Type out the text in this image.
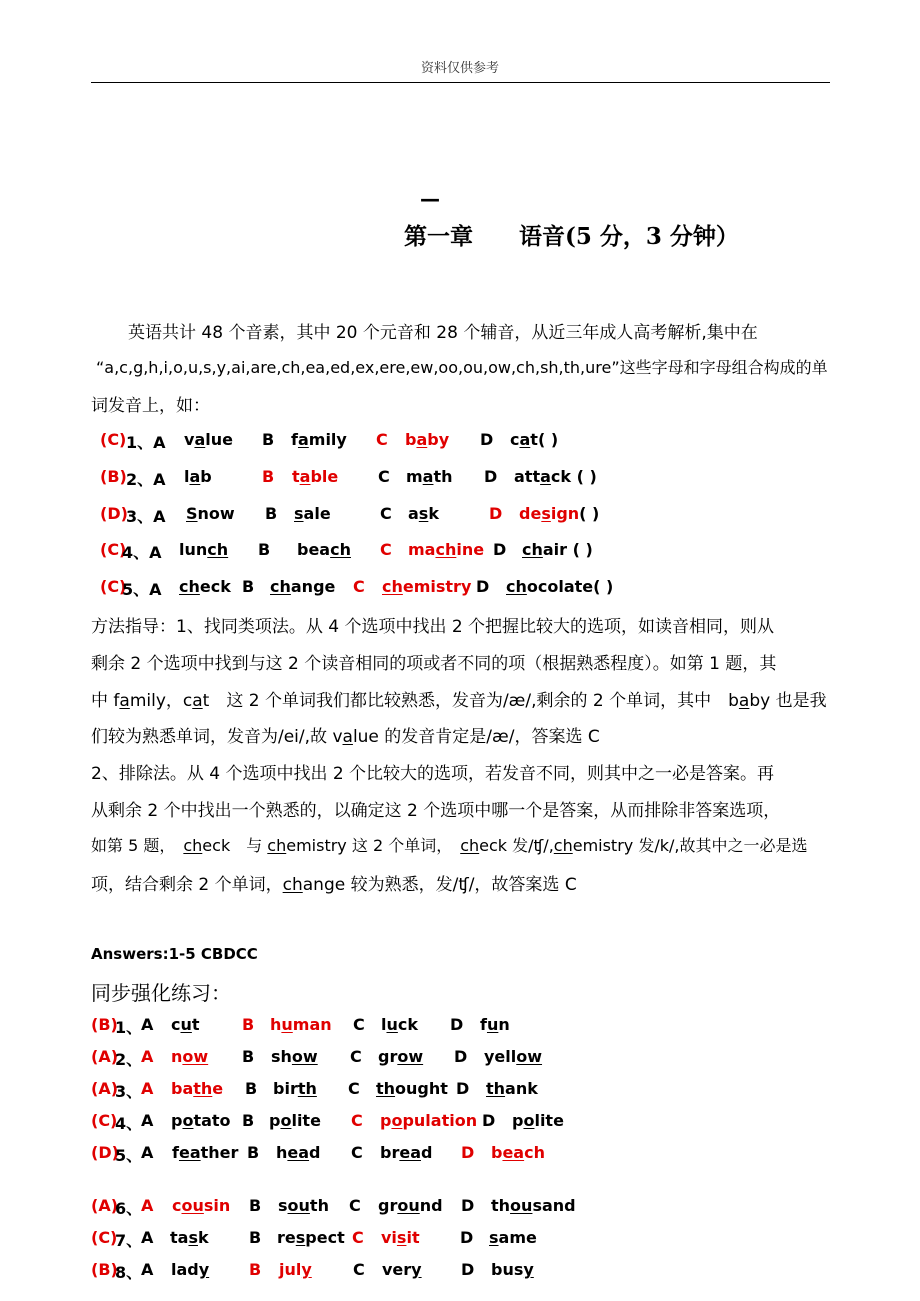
资料仅供参考
—
第一章　　语音(5 分，3 分钟）
英语共计 48 个音素，其中 20 个元音和 28 个辅音，从近三年成人高考解析,集中在
“a,c,g,h,i,o,u,s,y,ai,are,ch,ea,ed,ex,ere,ew,oo,ou,ow,ch,sh,th,ure”这些字母和字母组合构成的单
词发音上，如：
(C) 1、A value B family C baby D cat( )
(B) 2、A lab	B table C math D attack ( )
(D)
3、A Snow B sale	C ask	D design( )
(C)
4、A lunch B beach C machine D chair ( )
(C)
5、A check B change C chemistry D chocolate( )
方法指导：1、找同类项法。从 4 个选项中找出 2 个把握比较大的选项，如读音相同，则从
剩余 2 个选项中找到与这 2 个读音相同的项或者不同的项（根据熟悉程度）。如第 1 题，其
中 family，cat　这 2 个单词我们都比较熟悉，发音为/æ/,剩余的 2 个单词，其中　baby 也是我
们较为熟悉单词，发音为/ei/,故 value 的发音肯定是/æ/，答案选 C
2、排除法。从 4 个选项中找出 2 个比较大的选项，若发音不同，则其中之一必是答案。再
从剩余 2 个中找出一个熟悉的，以确定这 2 个选项中哪一个是答案，从而排除非答案选项，
如第 5 题，　check　与 chemistry 这 2 个单词，　check 发/ʧ/,chemistry 发/k/,故其中之一必是选
项，结合剩余 2 个单词，change 较为熟悉，发/ʧ/，故答案选 C
Answers:1-5 CBDCC
同步强化练习：
(B)
1、
A cut	B human C luck D fun
(A)
2、
A now B show C grow D yellow
(A)
3、
A bathe B birth C thought D thank
(C)
4、
A potato B polite C population D polite
(D)
5、
A feather B head C bread D beach
(A)
6、
A cousin B south C ground D thousand
(C)
7、
A task	B respect C visit	D same
(B)
8、
A lady B july	C very D busy
